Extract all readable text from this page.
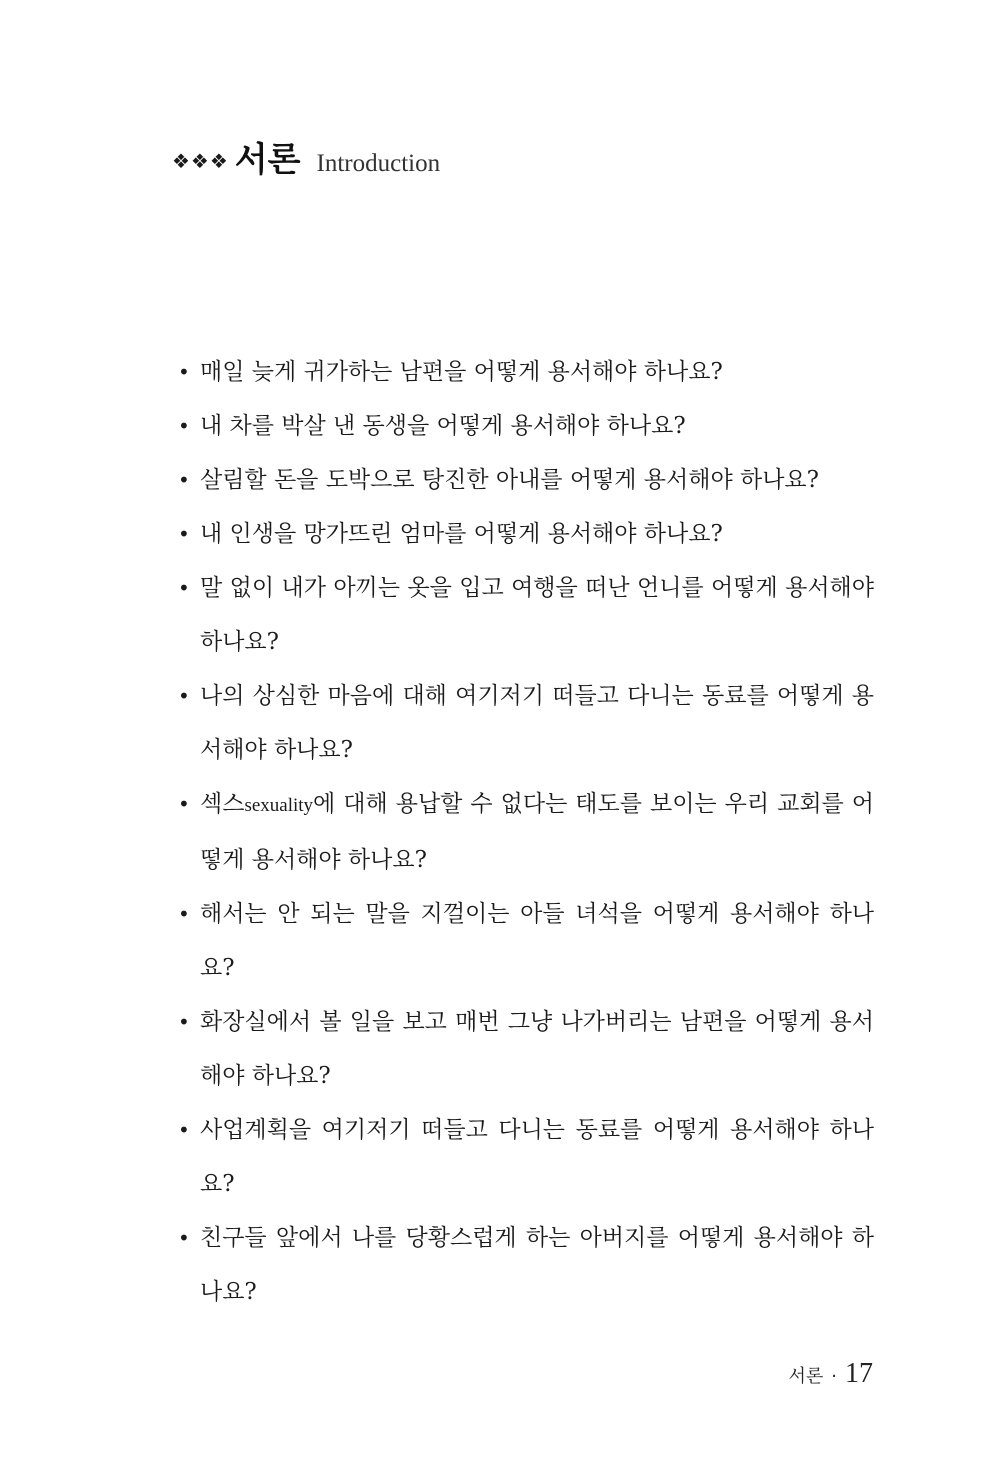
❖❖❖ 서론 Introduction
• 매일 늦게 귀가하는 남편을 어떻게 용서해야 하나요?
• 내 차를 박살 낸 동생을 어떻게 용서해야 하나요?
• 살림할 돈을 도박으로 탕진한 아내를 어떻게 용서해야 하나요?
• 내 인생을 망가뜨린 엄마를 어떻게 용서해야 하나요?
• 말 없이 내가 아끼는 옷을 입고 여행을 떠난 언니를 어떻게 용서해야 하나요?
• 나의 상심한 마음에 대해 여기저기 떠들고 다니는 동료를 어떻게 용서해야 하나요?
• 섹스sexuality에 대해 용납할 수 없다는 태도를 보이는 우리 교회를 어떻게 용서해야 하나요?
• 해서는 안 되는 말을 지껄이는 아들 녀석을 어떻게 용서해야 하나요?
• 화장실에서 볼 일을 보고 매번 그냥 나가버리는 남편을 어떻게 용서해야 하나요?
• 사업계획을 여기저기 떠들고 다니는 동료를 어떻게 용서해야 하나요?
• 친구들 앞에서 나를 당황스럽게 하는 아버지를 어떻게 용서해야 하나요?
서론 · 17
